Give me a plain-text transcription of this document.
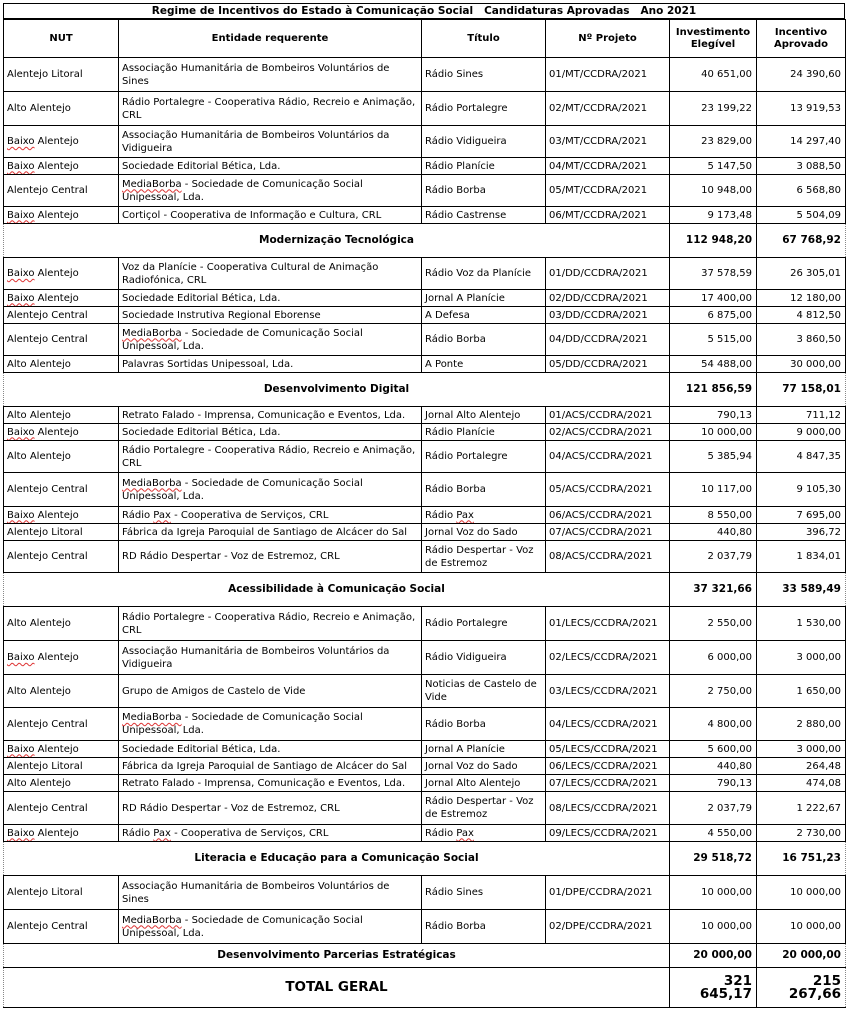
Regime de Incentivos do Estado à Comunicação Social   Candidaturas Aprovadas   Ano 2021
NUT	Entidade requerente	Título	Nº Projeto	Investimento Elegível	Incentivo Aprovado
Alentejo Litoral	Associação Humanitária de Bombeiros Voluntários de Sines	Rádio Sines	01/MT/CCDRA/2021	40 651,00	24 390,60
Alto Alentejo	Rádio Portalegre - Cooperativa Rádio, Recreio e Animação, CRL	Rádio Portalegre	02/MT/CCDRA/2021	23 199,22	13 919,53
Baixo Alentejo	Associação Humanitária de Bombeiros Voluntários da Vidigueira	Rádio Vidigueira	03/MT/CCDRA/2021	23 829,00	14 297,40
Baixo Alentejo	Sociedade Editorial Bética, Lda.	Rádio Planície	04/MT/CCDRA/2021	5 147,50	3 088,50
Alentejo Central	MediaBorba - Sociedade de Comunicação Social Unipessoal, Lda.	Rádio Borba	05/MT/CCDRA/2021	10 948,00	6 568,80
Baixo Alentejo	Cortiçol - Cooperativa de Informação e Cultura, CRL	Rádio Castrense	06/MT/CCDRA/2021	9 173,48	5 504,09
Modernização Tecnológica				112 948,20	67 768,92
Baixo Alentejo	Voz da Planície - Cooperativa Cultural de Animação Radiofónica, CRL	Rádio Voz da Planície	01/DD/CCDRA/2021	37 578,59	26 305,01
Baixo Alentejo	Sociedade Editorial Bética, Lda.	Jornal A Planície	02/DD/CCDRA/2021	17 400,00	12 180,00
Alentejo Central	Sociedade Instrutiva Regional Eborense	A Defesa	03/DD/CCDRA/2021	6 875,00	4 812,50
Alentejo Central	MediaBorba - Sociedade de Comunicação Social Unipessoal, Lda.	Rádio Borba	04/DD/CCDRA/2021	5 515,00	3 860,50
Alto Alentejo	Palavras Sortidas Unipessoal, Lda.	A Ponte	05/DD/CCDRA/2021	54 488,00	30 000,00
Desenvolvimento Digital				121 856,59	77 158,01
Alto Alentejo	Retrato Falado - Imprensa, Comunicação e Eventos, Lda.	Jornal Alto Alentejo	01/ACS/CCDRA/2021	790,13	711,12
Baixo Alentejo	Sociedade Editorial Bética, Lda.	Rádio Planície	02/ACS/CCDRA/2021	10 000,00	9 000,00
Alto Alentejo	Rádio Portalegre - Cooperativa Rádio, Recreio e Animação, CRL	Rádio Portalegre	04/ACS/CCDRA/2021	5 385,94	4 847,35
Alentejo Central	MediaBorba - Sociedade de Comunicação Social Unipessoal, Lda.	Rádio Borba	05/ACS/CCDRA/2021	10 117,00	9 105,30
Baixo Alentejo	Rádio Pax - Cooperativa de Serviços, CRL	Rádio Pax	06/ACS/CCDRA/2021	8 550,00	7 695,00
Alentejo Litoral	Fábrica da Igreja Paroquial de Santiago de Alcácer do Sal	Jornal Voz do Sado	07/ACS/CCDRA/2021	440,80	396,72
Alentejo Central	RD Rádio Despertar - Voz de Estremoz, CRL	Rádio Despertar - Voz de Estremoz	08/ACS/CCDRA/2021	2 037,79	1 834,01
Acessibilidade à Comunicação Social				37 321,66	33 589,49
Alto Alentejo	Rádio Portalegre - Cooperativa Rádio, Recreio e Animação, CRL	Rádio Portalegre	01/LECS/CCDRA/2021	2 550,00	1 530,00
Baixo Alentejo	Associação Humanitária de Bombeiros Voluntários da Vidigueira	Rádio Vidigueira	02/LECS/CCDRA/2021	6 000,00	3 000,00
Alto Alentejo	Grupo de Amigos de Castelo de Vide	Noticias de Castelo de Vide	03/LECS/CCDRA/2021	2 750,00	1 650,00
Alentejo Central	MediaBorba - Sociedade de Comunicação Social Unipessoal, Lda.	Rádio Borba	04/LECS/CCDRA/2021	4 800,00	2 880,00
Baixo Alentejo	Sociedade Editorial Bética, Lda.	Jornal A Planície	05/LECS/CCDRA/2021	5 600,00	3 000,00
Alentejo Litoral	Fábrica da Igreja Paroquial de Santiago de Alcácer do Sal	Jornal Voz do Sado	06/LECS/CCDRA/2021	440,80	264,48
Alto Alentejo	Retrato Falado - Imprensa, Comunicação e Eventos, Lda.	Jornal Alto Alentejo	07/LECS/CCDRA/2021	790,13	474,08
Alentejo Central	RD Rádio Despertar - Voz de Estremoz, CRL	Rádio Despertar - Voz de Estremoz	08/LECS/CCDRA/2021	2 037,79	1 222,67
Baixo Alentejo	Rádio Pax - Cooperativa de Serviços, CRL	Rádio Pax	09/LECS/CCDRA/2021	4 550,00	2 730,00
Literacia e Educação para a Comunicação Social				29 518,72	16 751,23
Alentejo Litoral	Associação Humanitária de Bombeiros Voluntários de Sines	Rádio Sines	01/DPE/CCDRA/2021	10 000,00	10 000,00
Alentejo Central	MediaBorba - Sociedade de Comunicação Social Unipessoal, Lda.	Rádio Borba	02/DPE/CCDRA/2021	10 000,00	10 000,00
Desenvolvimento Parcerias Estratégicas				20 000,00	20 000,00
TOTAL GERAL				321 645,17	215 267,66
